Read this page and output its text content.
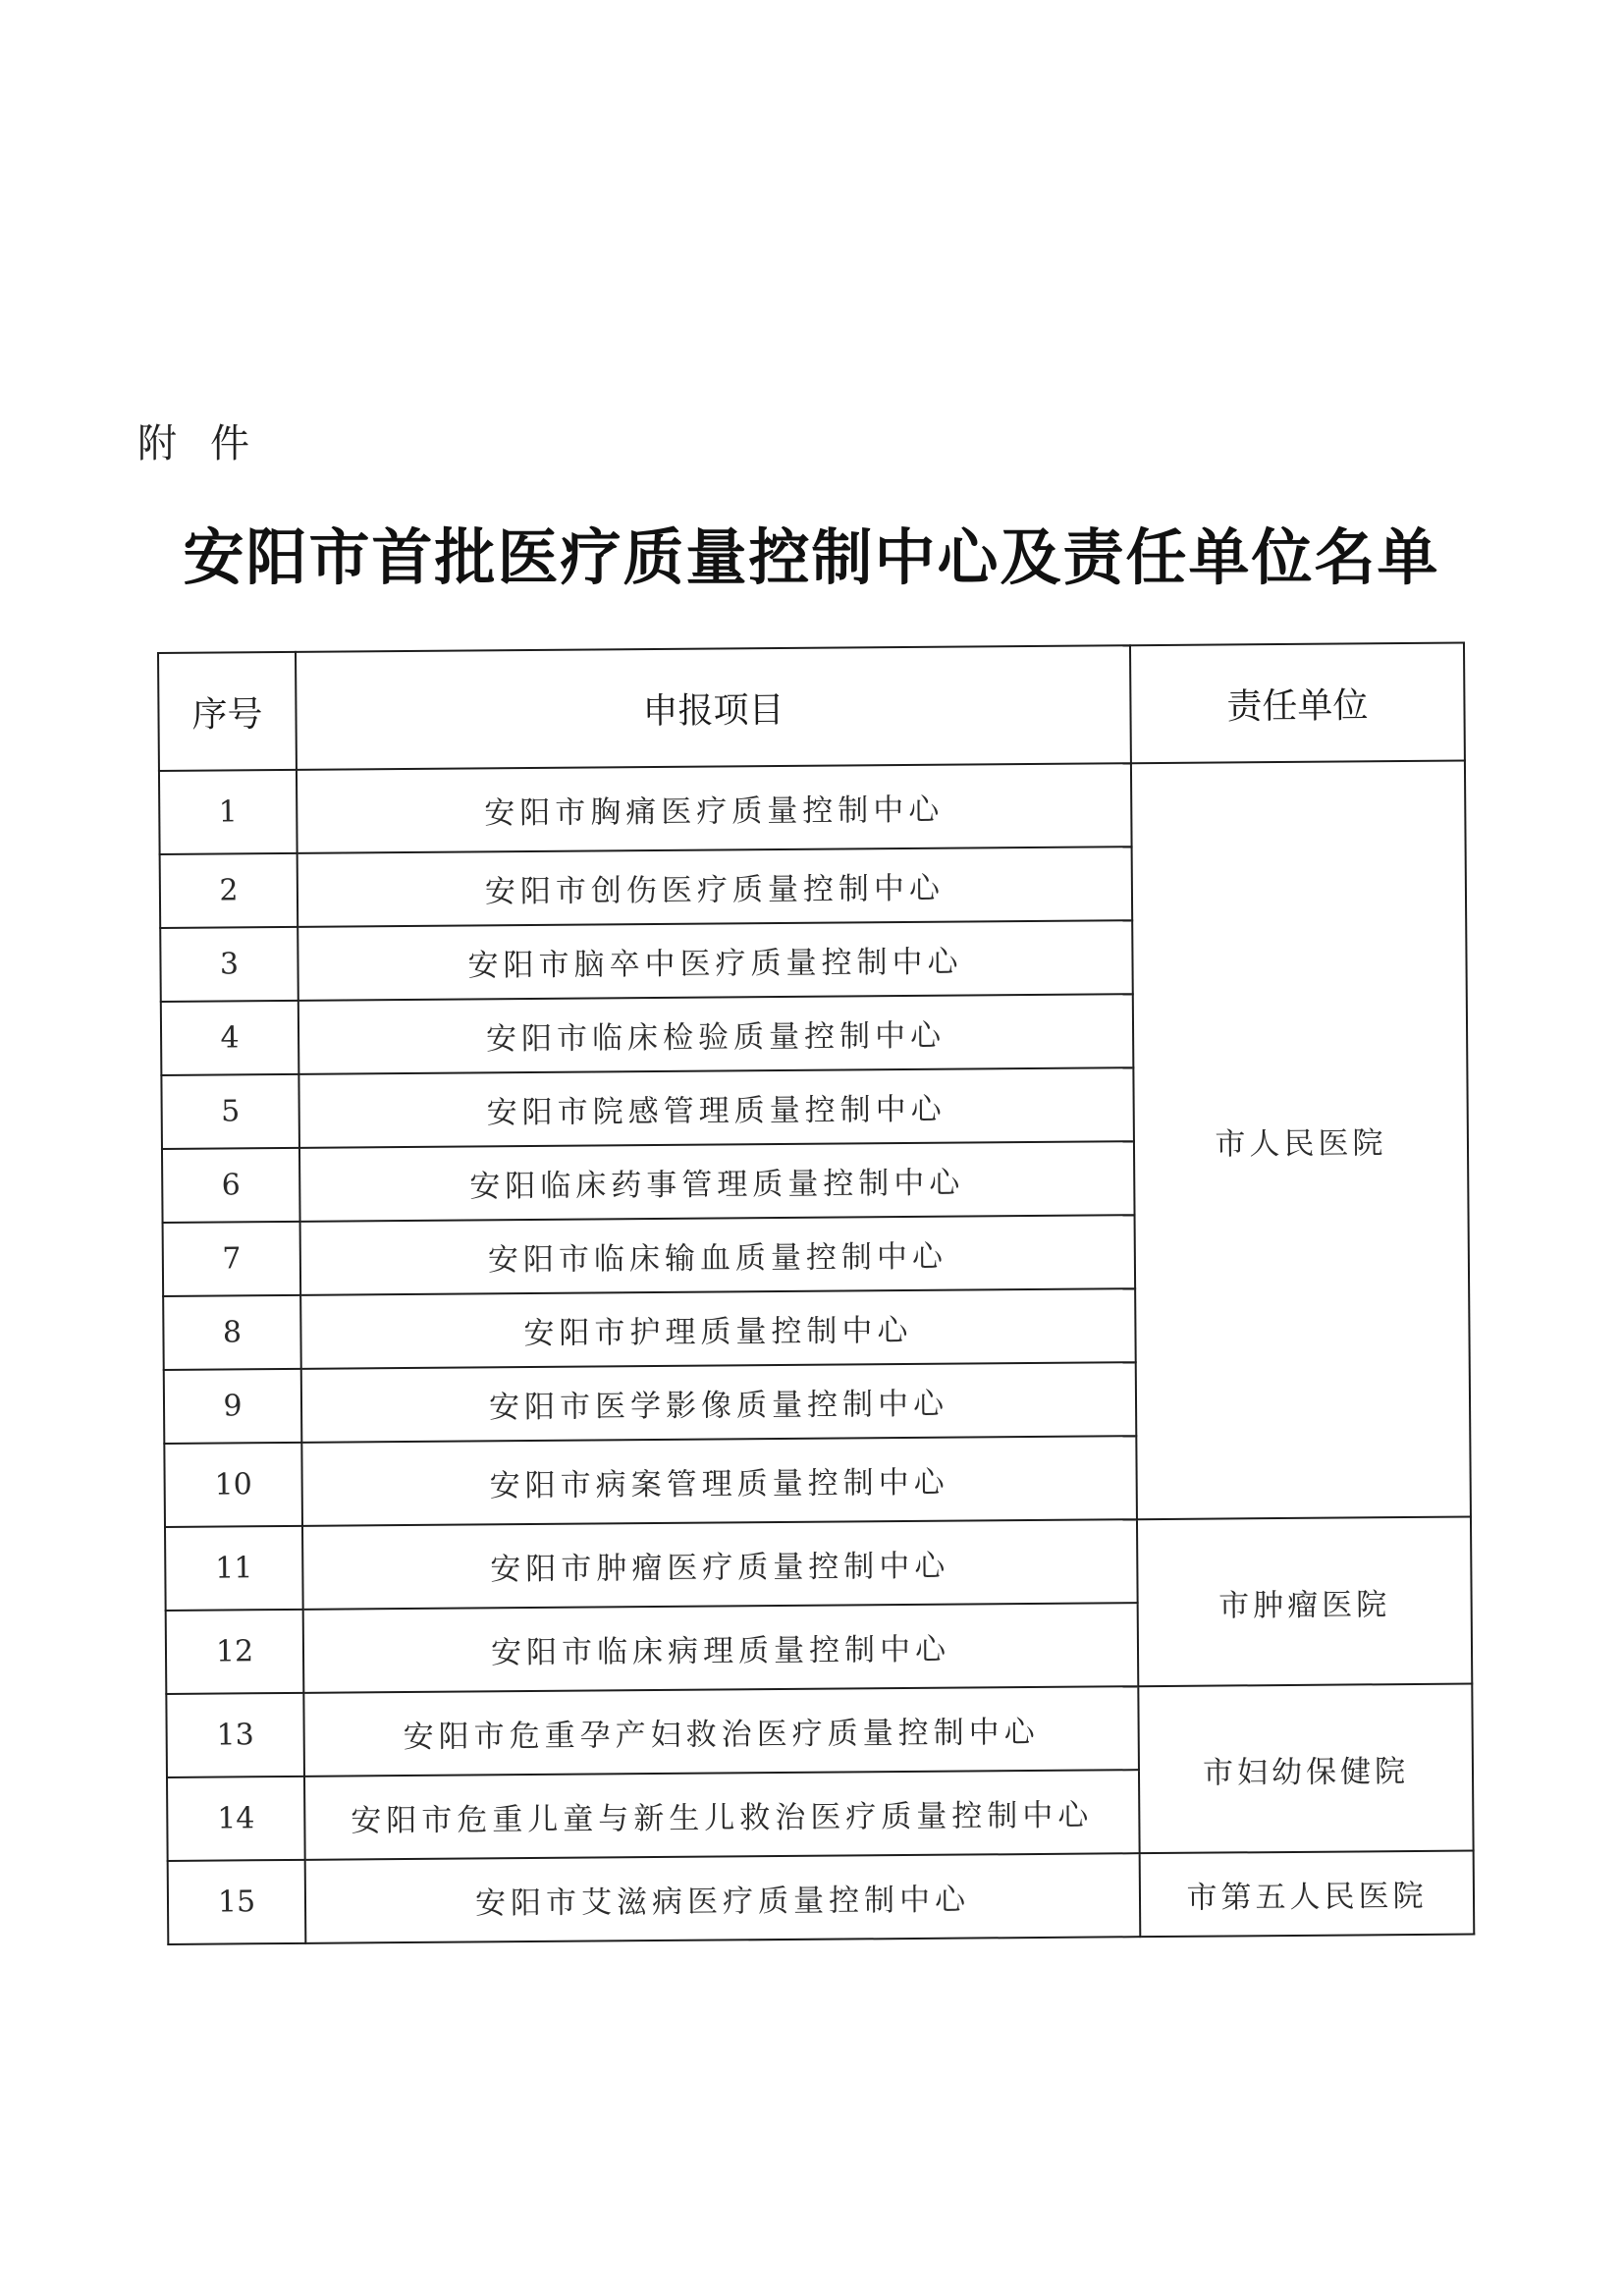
附件
安阳市首批医疗质量控制中心及责任单位名单
序号	申报项目	责任单位
1	安阳市胸痛医疗质量控制中心	市人民医院
2	安阳市创伤医疗质量控制中心	
3	安阳市脑卒中医疗质量控制中心	
4	安阳市临床检验质量控制中心	
5	安阳市院感管理质量控制中心	
6	安阳临床药事管理质量控制中心	
7	安阳市临床输血质量控制中心	
8	安阳市护理质量控制中心	
9	安阳市医学影像质量控制中心	
10	安阳市病案管理质量控制中心	
11	安阳市肿瘤医疗质量控制中心	市肿瘤医院
12	安阳市临床病理质量控制中心	
13	安阳市危重孕产妇救治医疗质量控制中心	市妇幼保健院
14	安阳市危重儿童与新生儿救治医疗质量控制中心	
15	安阳市艾滋病医疗质量控制中心	市第五人民医院
